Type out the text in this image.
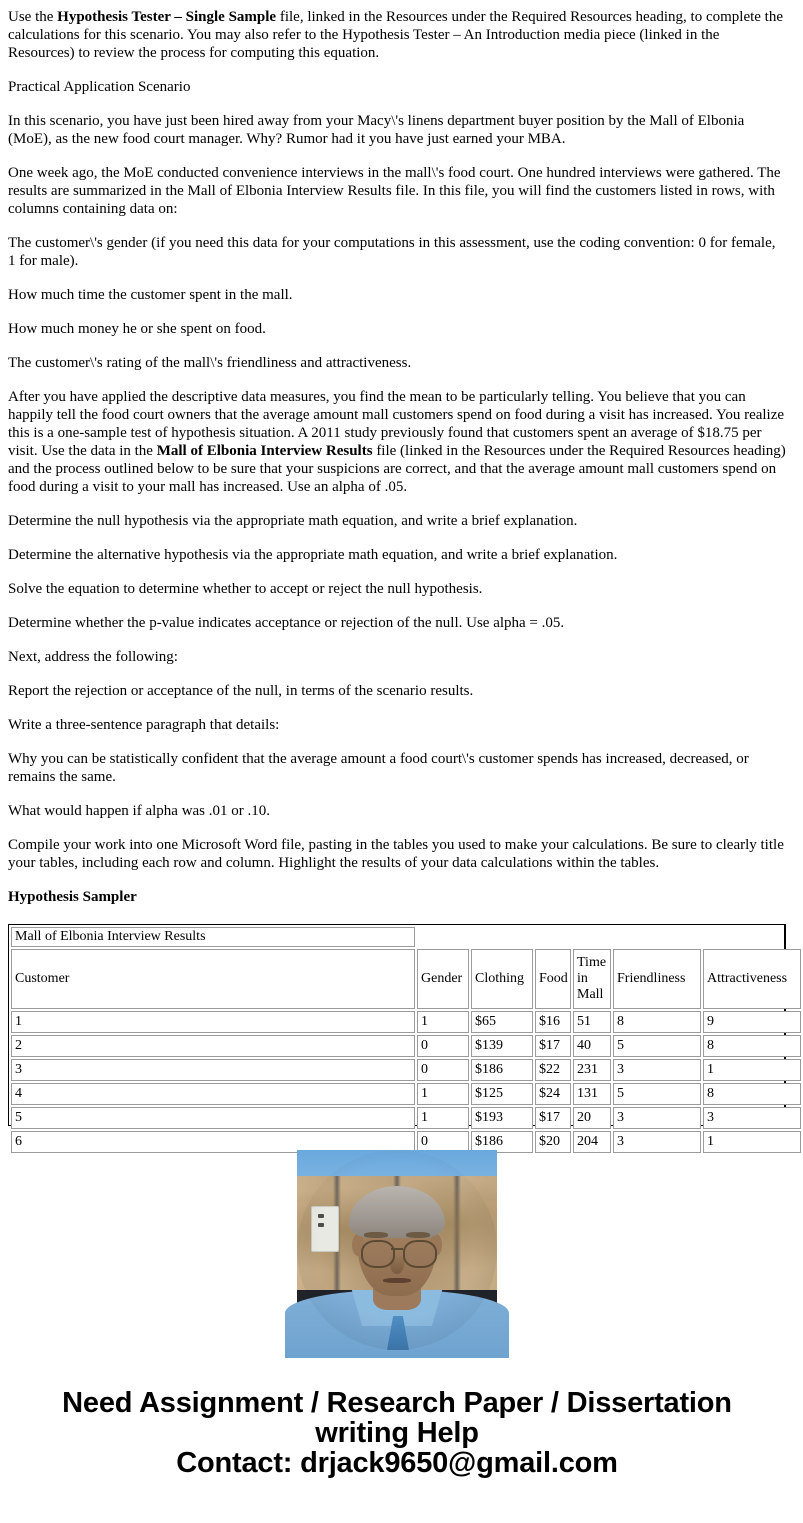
Use the Hypothesis Tester – Single Sample file, linked in the Resources under the Required Resources heading, to complete the calculations for this scenario. You may also refer to the Hypothesis Tester – An Introduction media piece (linked in the Resources) to review the process for computing this equation.

Practical Application Scenario

In this scenario, you have just been hired away from your Macy\'s linens department buyer position by the Mall of Elbonia (MoE), as the new food court manager. Why? Rumor had it you have just earned your MBA.

One week ago, the MoE conducted convenience interviews in the mall\'s food court. One hundred interviews were gathered. The results are summarized in the Mall of Elbonia Interview Results file. In this file, you will find the customers listed in rows, with columns containing data on:

The customer\'s gender (if you need this data for your computations in this assessment, use the coding convention: 0 for female, 1 for male).

How much time the customer spent in the mall.

How much money he or she spent on food.

The customer\'s rating of the mall\'s friendliness and attractiveness.

After you have applied the descriptive data measures, you find the mean to be particularly telling. You believe that you can happily tell the food court owners that the average amount mall customers spend on food during a visit has increased. You realize this is a one-sample test of hypothesis situation. A 2011 study previously found that customers spent an average of $18.75 per visit. Use the data in the Mall of Elbonia Interview Results file (linked in the Resources under the Required Resources heading) and the process outlined below to be sure that your suspicions are correct, and that the average amount mall customers spend on food during a visit to your mall has increased. Use an alpha of .05.

Determine the null hypothesis via the appropriate math equation, and write a brief explanation.

Determine the alternative hypothesis via the appropriate math equation, and write a brief explanation.

Solve the equation to determine whether to accept or reject the null hypothesis.

Determine whether the p-value indicates acceptance or rejection of the null. Use alpha = .05.

Next, address the following:

Report the rejection or acceptance of the null, in terms of the scenario results.

Write a three-sentence paragraph that details:

Why you can be statistically confident that the average amount a food court\'s customer spends has increased, decreased, or remains the same.

What would happen if alpha was .01 or .10.

Compile your work into one Microsoft Word file, pasting in the tables you used to make your calculations. Be sure to clearly title your tables, including each row and column. Highlight the results of your data calculations within the tables.

Hypothesis Sampler
Mall of Elbonia Interview Results						
Customer	Gender	Clothing	Food	Time in Mall	Friendliness	Attractiveness
1	1	$65	$16	51	8	9
2	0	$139	$17	40	5	8
3	0	$186	$22	231	3	1
4	1	$125	$24	131	5	8
5	1	$193	$17	20	3	3
6	0	$186	$20	204	3	1
Need Assignment / Research Paper / Dissertation
writing Help
Contact: drjack9650@gmail.com
